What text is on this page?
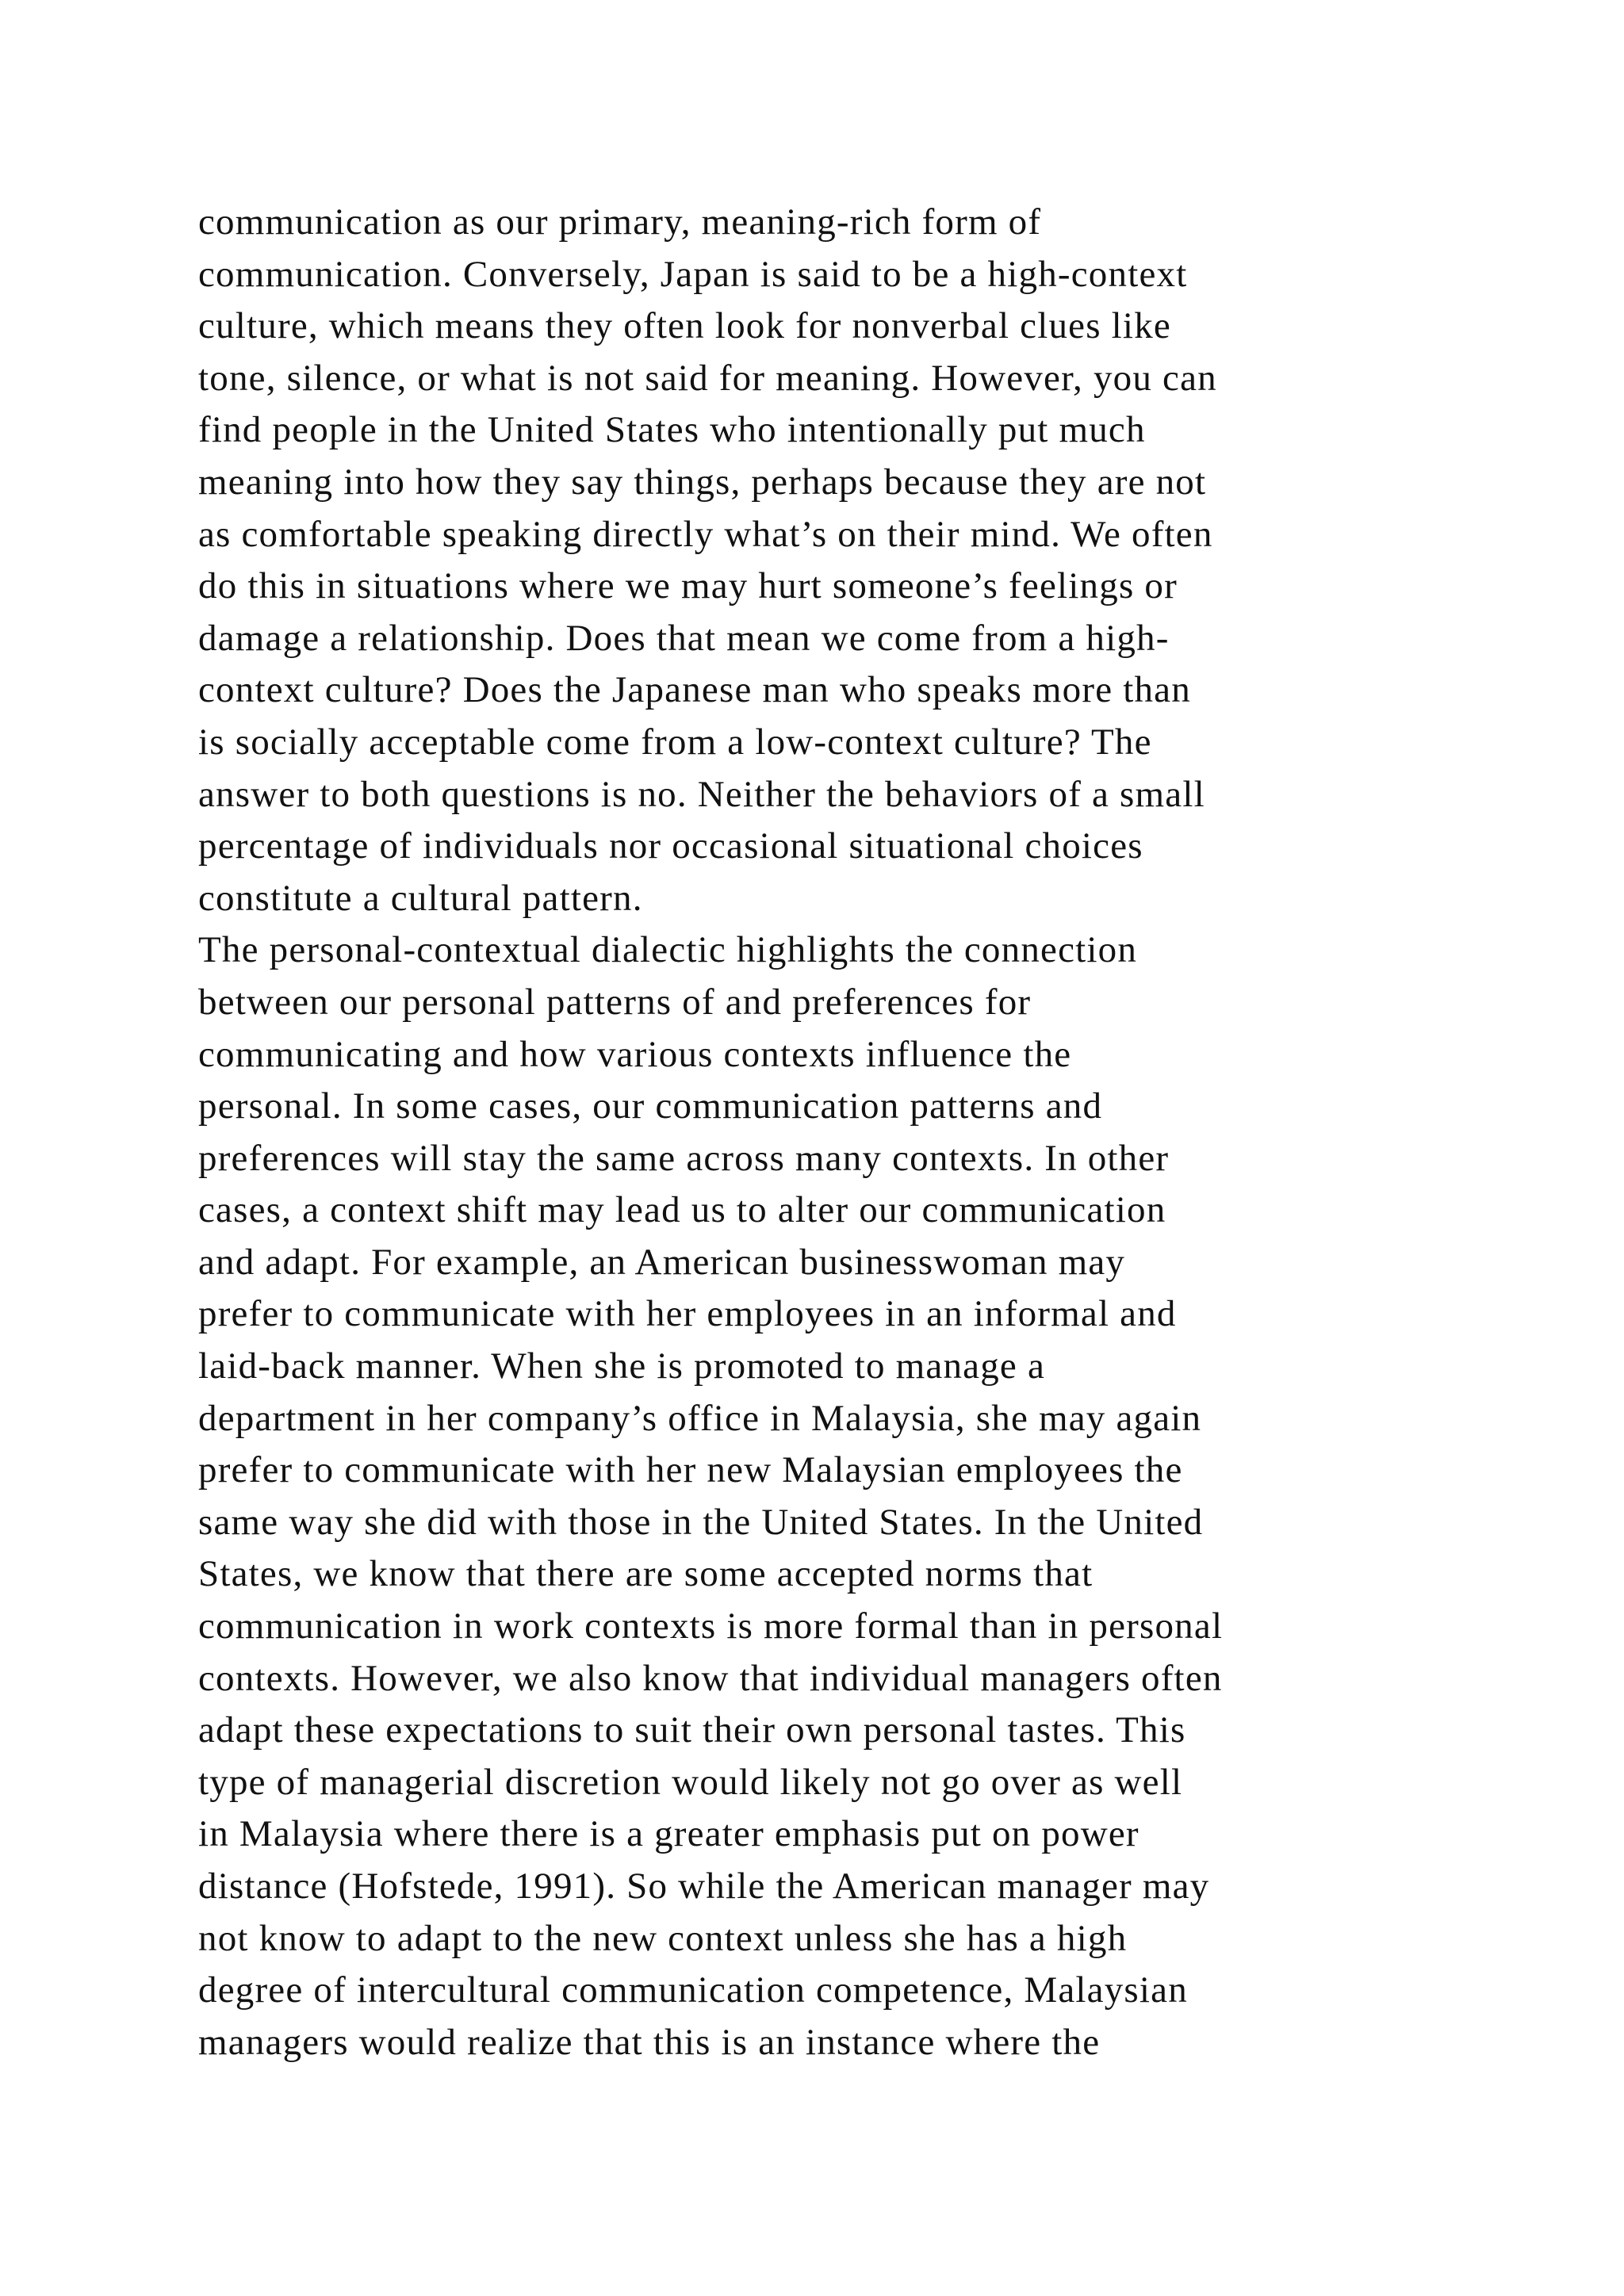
communication as our primary, meaning-rich form of
communication. Conversely, Japan is said to be a high-context
culture, which means they often look for nonverbal clues like
tone, silence, or what is not said for meaning. However, you can
find people in the United States who intentionally put much
meaning into how they say things, perhaps because they are not
as comfortable speaking directly what’s on their mind. We often
do this in situations where we may hurt someone’s feelings or
damage a relationship. Does that mean we come from a high-
context culture? Does the Japanese man who speaks more than
is socially acceptable come from a low-context culture? The
answer to both questions is no. Neither the behaviors of a small
percentage of individuals nor occasional situational choices
constitute a cultural pattern.
The personal-contextual dialectic highlights the connection
between our personal patterns of and preferences for
communicating and how various contexts influence the
personal. In some cases, our communication patterns and
preferences will stay the same across many contexts. In other
cases, a context shift may lead us to alter our communication
and adapt. For example, an American businesswoman may
prefer to communicate with her employees in an informal and
laid-back manner. When she is promoted to manage a
department in her company’s office in Malaysia, she may again
prefer to communicate with her new Malaysian employees the
same way she did with those in the United States. In the United
States, we know that there are some accepted norms that
communication in work contexts is more formal than in personal
contexts. However, we also know that individual managers often
adapt these expectations to suit their own personal tastes. This
type of managerial discretion would likely not go over as well
in Malaysia where there is a greater emphasis put on power
distance (Hofstede, 1991). So while the American manager may
not know to adapt to the new context unless she has a high
degree of intercultural communication competence, Malaysian
managers would realize that this is an instance where the
